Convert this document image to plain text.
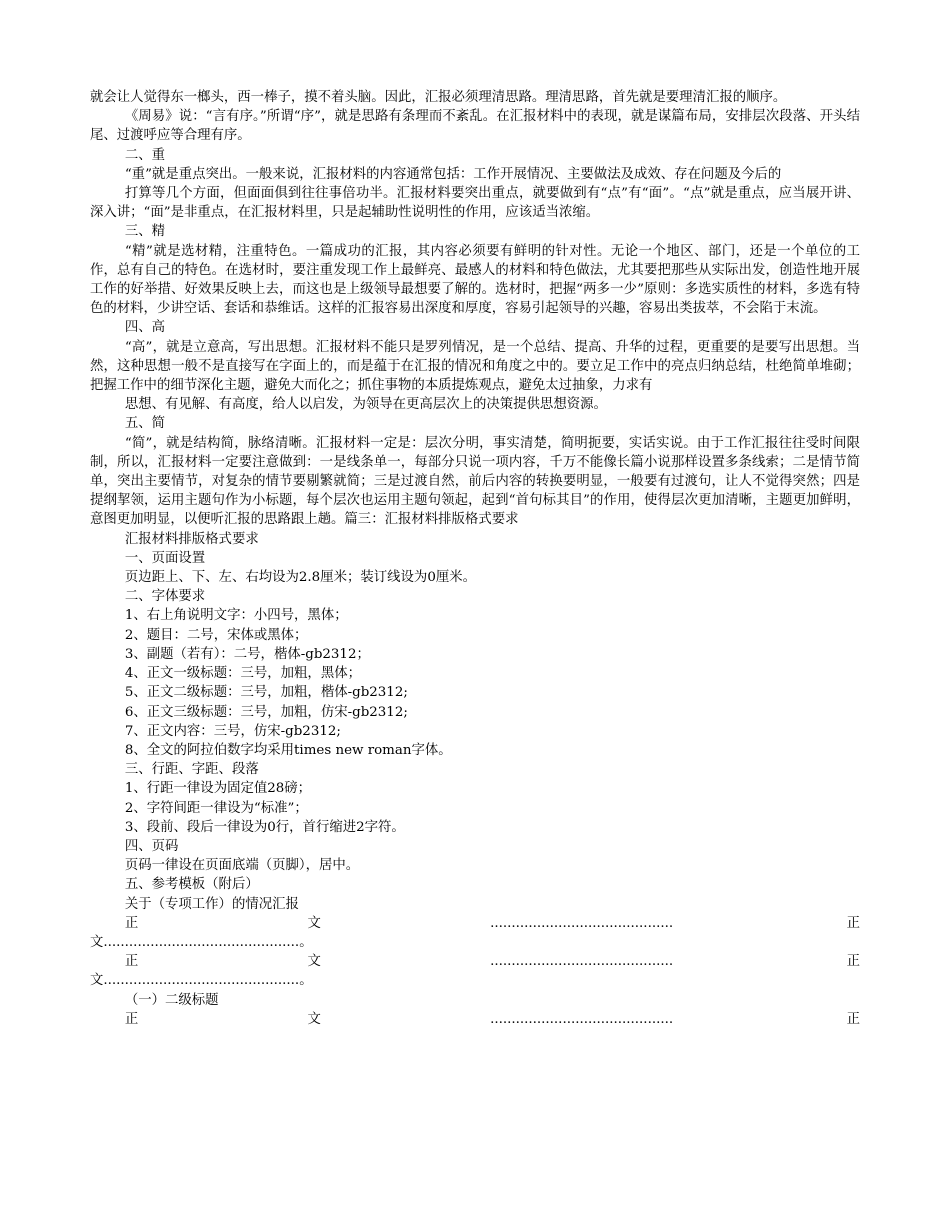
就会让人觉得东一榔头，西一棒子，摸不着头脑。因此，汇报必须理清思路。理清思路，首先就是要理清汇报的顺序。

《周易》说：“言有序。”所谓“序”，就是思路有条理而不紊乱。在汇报材料中的表现，就是谋篇布局，安排层次段落、开头结尾、过渡呼应等合理有序。

二、重

“重”就是重点突出。一般来说，汇报材料的内容通常包括：工作开展情况、主要做法及成效、存在问题及今后的

打算等几个方面，但面面俱到往往事倍功半。汇报材料要突出重点，就要做到有“点”有“面”。“点”就是重点，应当展开讲、深入讲；“面”是非重点，在汇报材料里，只是起辅助性说明性的作用，应该适当浓缩。

三、精

“精”就是选材精，注重特色。一篇成功的汇报，其内容必须要有鲜明的针对性。无论一个地区、部门，还是一个单位的工作，总有自己的特色。在选材时，要注重发现工作上最鲜亮、最感人的材料和特色做法，尤其要把那些从实际出发，创造性地开展工作的好举措、好效果反映上去，而这也是上级领导最想要了解的。选材时，把握“两多一少”原则：多选实质性的材料，多选有特色的材料，少讲空话、套话和恭维话。这样的汇报容易出深度和厚度，容易引起领导的兴趣，容易出类拔萃，不会陷于末流。

四、高

“高”，就是立意高，写出思想。汇报材料不能只是罗列情况，是一个总结、提高、升华的过程，更重要的是要写出思想。当然，这种思想一般不是直接写在字面上的，而是蕴于在汇报的情况和角度之中的。要立足工作中的亮点归纳总结，杜绝简单堆砌；把握工作中的细节深化主题，避免大而化之；抓住事物的本质提炼观点，避免太过抽象，力求有

思想、有见解、有高度，给人以启发，为领导在更高层次上的决策提供思想资源。

五、简

“简”，就是结构简，脉络清晰。汇报材料一定是：层次分明，事实清楚，简明扼要，实话实说。由于工作汇报往往受时间限制，所以，汇报材料一定要注意做到：一是线条单一，每部分只说一项内容，千万不能像长篇小说那样设置多条线索；二是情节简单，突出主要情节，对复杂的情节要剔繁就简；三是过渡自然，前后内容的转换要明显，一般要有过渡句，让人不觉得突然；四是提纲挈领，运用主题句作为小标题，每个层次也运用主题句领起，起到“首句标其目”的作用，使得层次更加清晰，主题更加鲜明，意图更加明显，以便听汇报的思路跟上趟。篇三：汇报材料排版格式要求

汇报材料排版格式要求

一、页面设置

页边距上、下、左、右均设为2.8厘米；装订线设为0厘米。

二、字体要求

1、右上角说明文字：小四号，黑体；

2、题目：二号，宋体或黑体；

3、副题（若有）：二号，楷体-gb2312；

4、正文一级标题：三号，加粗，黑体；

5、正文二级标题：三号，加粗，楷体-gb2312;

6、正文三级标题：三号，加粗，仿宋-gb2312;

7、正文内容：三号，仿宋-gb2312;

8、全文的阿拉伯数字均采用times new roman字体。

三、行距、字距、段落

1、行距一律设为固定值28磅；

2、字符间距一律设为“标准”；

3、段前、段后一律设为0行，首行缩进2字符。

四、页码

页码一律设在页面底端（页脚），居中。

五、参考模板（附后）

关于（专项工作）的情况汇报

正文........................................... 正

文..............................................。

正文........................................... 正

文..............................................。

（一）二级标题

正文........................................... 正
